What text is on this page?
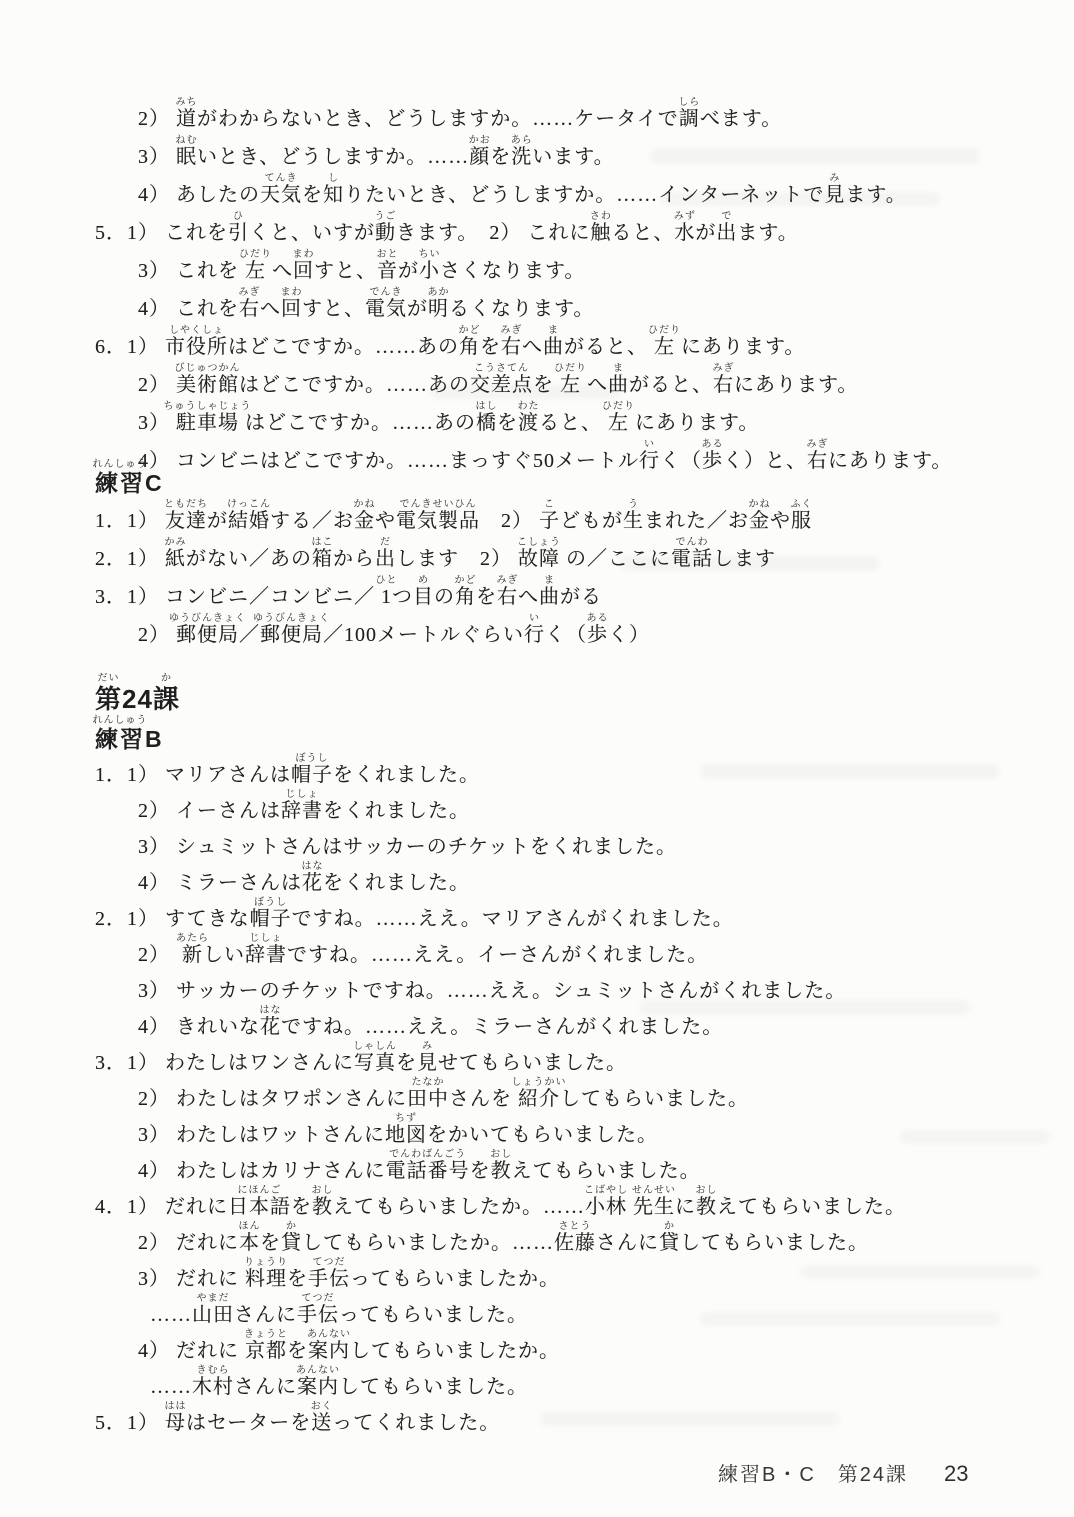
2）
みち
道がわからないとき、どうしますか。……ケータイで
しら
調べます。
3）
ねむ
眠いとき、どうしますか。……
かお
顔を
あら
洗います。
4） あしたの
てんき
天気を
し
知りたいとき、どうしますか。……インターネットで
み
見ます。
5．1） これを
ひ
引くと、いすが
うご
動きます。　2） これに
さわ
触ると、
みず
水が
で
出ます。
3） これを
ひだり
左 へ
まわ
回すと、
おと
音が
ちい
小さくなります。
4） これを
みぎ
右へ
まわ
回すと、
でんき
電気が
あか
明るくなります。
6．1）
しやくしょ
市役所はどこですか。……あの
かど
角を
みぎ
右へ
ま
曲がると、
ひだり
左 にあります。
2）
びじゅつかん
美術館はどこですか。……あの
こうさてん
交差点を
ひだり
左 へ
ま
曲がると、
みぎ
右にあります。
3）
ちゅうしゃじょう
駐車場 はどこですか。……あの
はし
橋を
わた
渡ると、
ひだり
左 にあります。
4） コンビニはどこですか。……まっすぐ50メートル
い
行く（
ある
歩く）と、
みぎ
右にあります。
れんしゅう
練習C
1．1）
ともだち
友達が
けっこん
結婚する／お
かね
金や
でんきせいひん
電気製品　2）
こ
子どもが
う
生まれた／お
かね
金や
ふく
服
2．1）
かみ
紙がない／あの
はこ
箱から
だ
出します　2）
こしょう
故障 の／ここに
でんわ
電話します
3．1） コンビニ／コンビニ／
ひと
1つ
め
目の
かど
角を
みぎ
右へ
ま
曲がる
2）
ゆうびんきょく
郵便局／
ゆうびんきょく
郵便局／100メートルぐらい
い
行く（
ある
歩く）
だい
第24
か
課
れんしゅう
練習B
1．1） マリアさんは
ぼうし
帽子をくれました。
2） イーさんは
じしょ
辞書をくれました。
3） シュミットさんはサッカーのチケットをくれました。
4） ミラーさんは
はな
花をくれました。
2．1） すてきな
ぼうし
帽子ですね。……ええ。マリアさんがくれました。
2）
あたら
新しい
じしょ
辞書ですね。……ええ。イーさんがくれました。
3） サッカーのチケットですね。……ええ。シュミットさんがくれました。
4） きれいな
はな
花ですね。……ええ。ミラーさんがくれました。
3．1） わたしはワンさんに
しゃしん
写真を
み
見せてもらいました。
2） わたしはタワポンさんに
たなか
田中さんを
しょうかい
紹介してもらいました。
3） わたしはワットさんに
ちず
地図をかいてもらいました。
4） わたしはカリナさんに
でんわばんごう
電話番号を
おし
教えてもらいました。
4．1） だれに
にほんご
日本語を
おし
教えてもらいましたか。……
こばやし
小林
せんせい
先生に
おし
教えてもらいました。
2） だれに
ほん
本を
か
貸してもらいましたか。……
さとう
佐藤さんに
か
貸してもらいました。
3） だれに
りょうり
料理を
てつだ
手伝ってもらいましたか。
……
やまだ
山田さんに
てつだ
手伝ってもらいました。
4） だれに
きょうと
京都を
あんない
案内してもらいましたか。
……
きむら
木村さんに
あんない
案内してもらいました。
5．1）
はは
母はセーターを
おく
送ってくれました。
練習B・C　第24課 23
